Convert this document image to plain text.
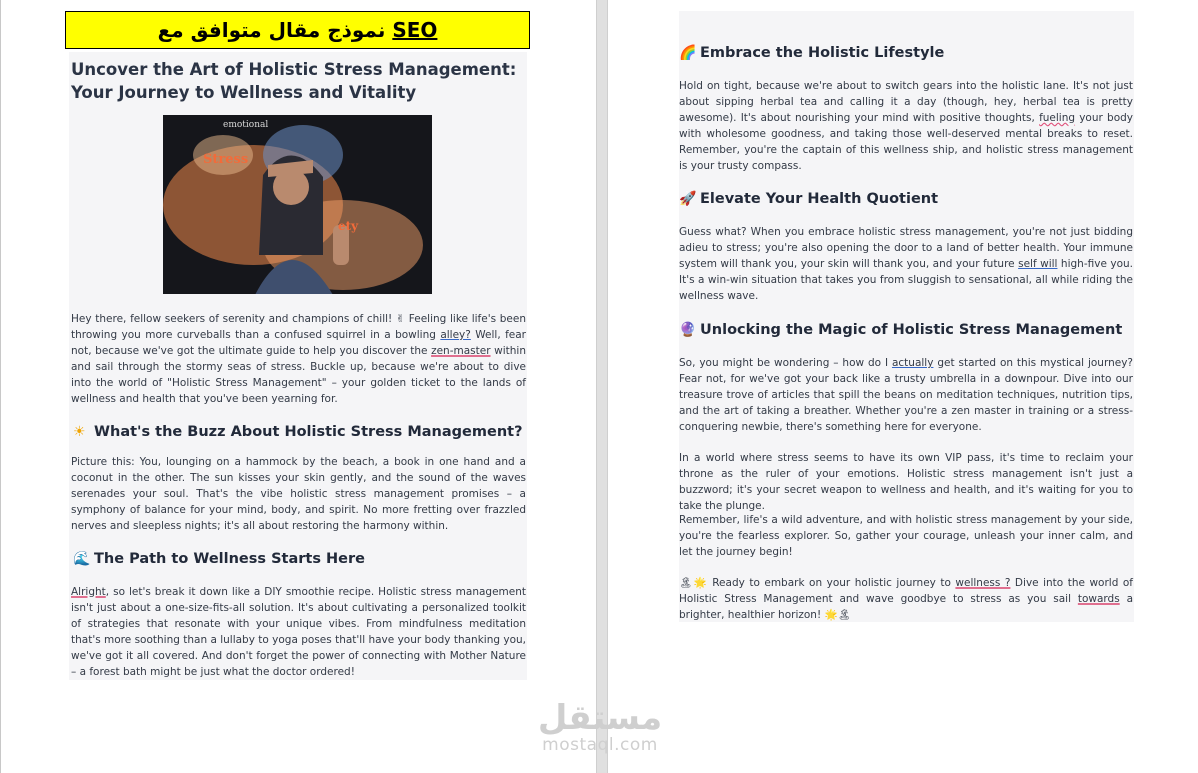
SEO نموذج مقال متوافق مع
Uncover the Art of Holistic Stress Management: Your Journey to Wellness and Vitality
Stress
emotional
ety

Hey there, fellow seekers of serenity and champions of chill! ✌ Feeling like life's been throwing you more curveballs than a confused squirrel in a bowling alley? Well, fear not, because we've got the ultimate guide to help you discover the zen-master within and sail through the stormy seas of stress. Buckle up, because we're about to dive into the world of "Holistic Stress Management" – your golden ticket to the lands of wellness and health that you've been yearning for.

☀ What's the Buzz About Holistic Stress Management?

Picture this: You, lounging on a hammock by the beach, a book in one hand and a coconut in the other. The sun kisses your skin gently, and the sound of the waves serenades your soul. That's the vibe holistic stress management promises – a symphony of balance for your mind, body, and spirit. No more fretting over frazzled nerves and sleepless nights; it's all about restoring the harmony within.

🌊 The Path to Wellness Starts Here

Alright, so let's break it down like a DIY smoothie recipe. Holistic stress management isn't just about a one-size-fits-all solution. It's about cultivating a personalized toolkit of strategies that resonate with your unique vibes. From mindfulness meditation that's more soothing than a lullaby to yoga poses that'll have your body thanking you, we've got it all covered. And don't forget the power of connecting with Mother Nature – a forest bath might be just what the doctor ordered!

🌈 Embrace the Holistic Lifestyle

Hold on tight, because we're about to switch gears into the holistic lane. It's not just about sipping herbal tea and calling it a day (though, hey, herbal tea is pretty awesome). It's about nourishing your mind with positive thoughts, fueling your body with wholesome goodness, and taking those well-deserved mental breaks to reset. Remember, you're the captain of this wellness ship, and holistic stress management is your trusty compass.

🚀 Elevate Your Health Quotient

Guess what? When you embrace holistic stress management, you're not just bidding adieu to stress; you're also opening the door to a land of better health. Your immune system will thank you, your skin will thank you, and your future self will high-five you. It's a win-win situation that takes you from sluggish to sensational, all while riding the wellness wave.

🔮 Unlocking the Magic of Holistic Stress Management

So, you might be wondering – how do I actually get started on this mystical journey? Fear not, for we've got your back like a trusty umbrella in a downpour. Dive into our treasure trove of articles that spill the beans on meditation techniques, nutrition tips, and the art of taking a breather. Whether you're a zen master in training or a stress-conquering newbie, there's something here for everyone.

In a world where stress seems to have its own VIP pass, it's time to reclaim your throne as the ruler of your emotions. Holistic stress management isn't just a buzzword; it's your secret weapon to wellness and health, and it's waiting for you to take the plunge.

Remember, life's a wild adventure, and with holistic stress management by your side, you're the fearless explorer. So, gather your courage, unleash your inner calm, and let the journey begin!

🏝🌟 Ready to embark on your holistic journey to wellness ? Dive into the world of Holistic Stress Management and wave goodbye to stress as you sail towards a brighter, healthier horizon! 🌟🏝

مستقل
mostaql.com
